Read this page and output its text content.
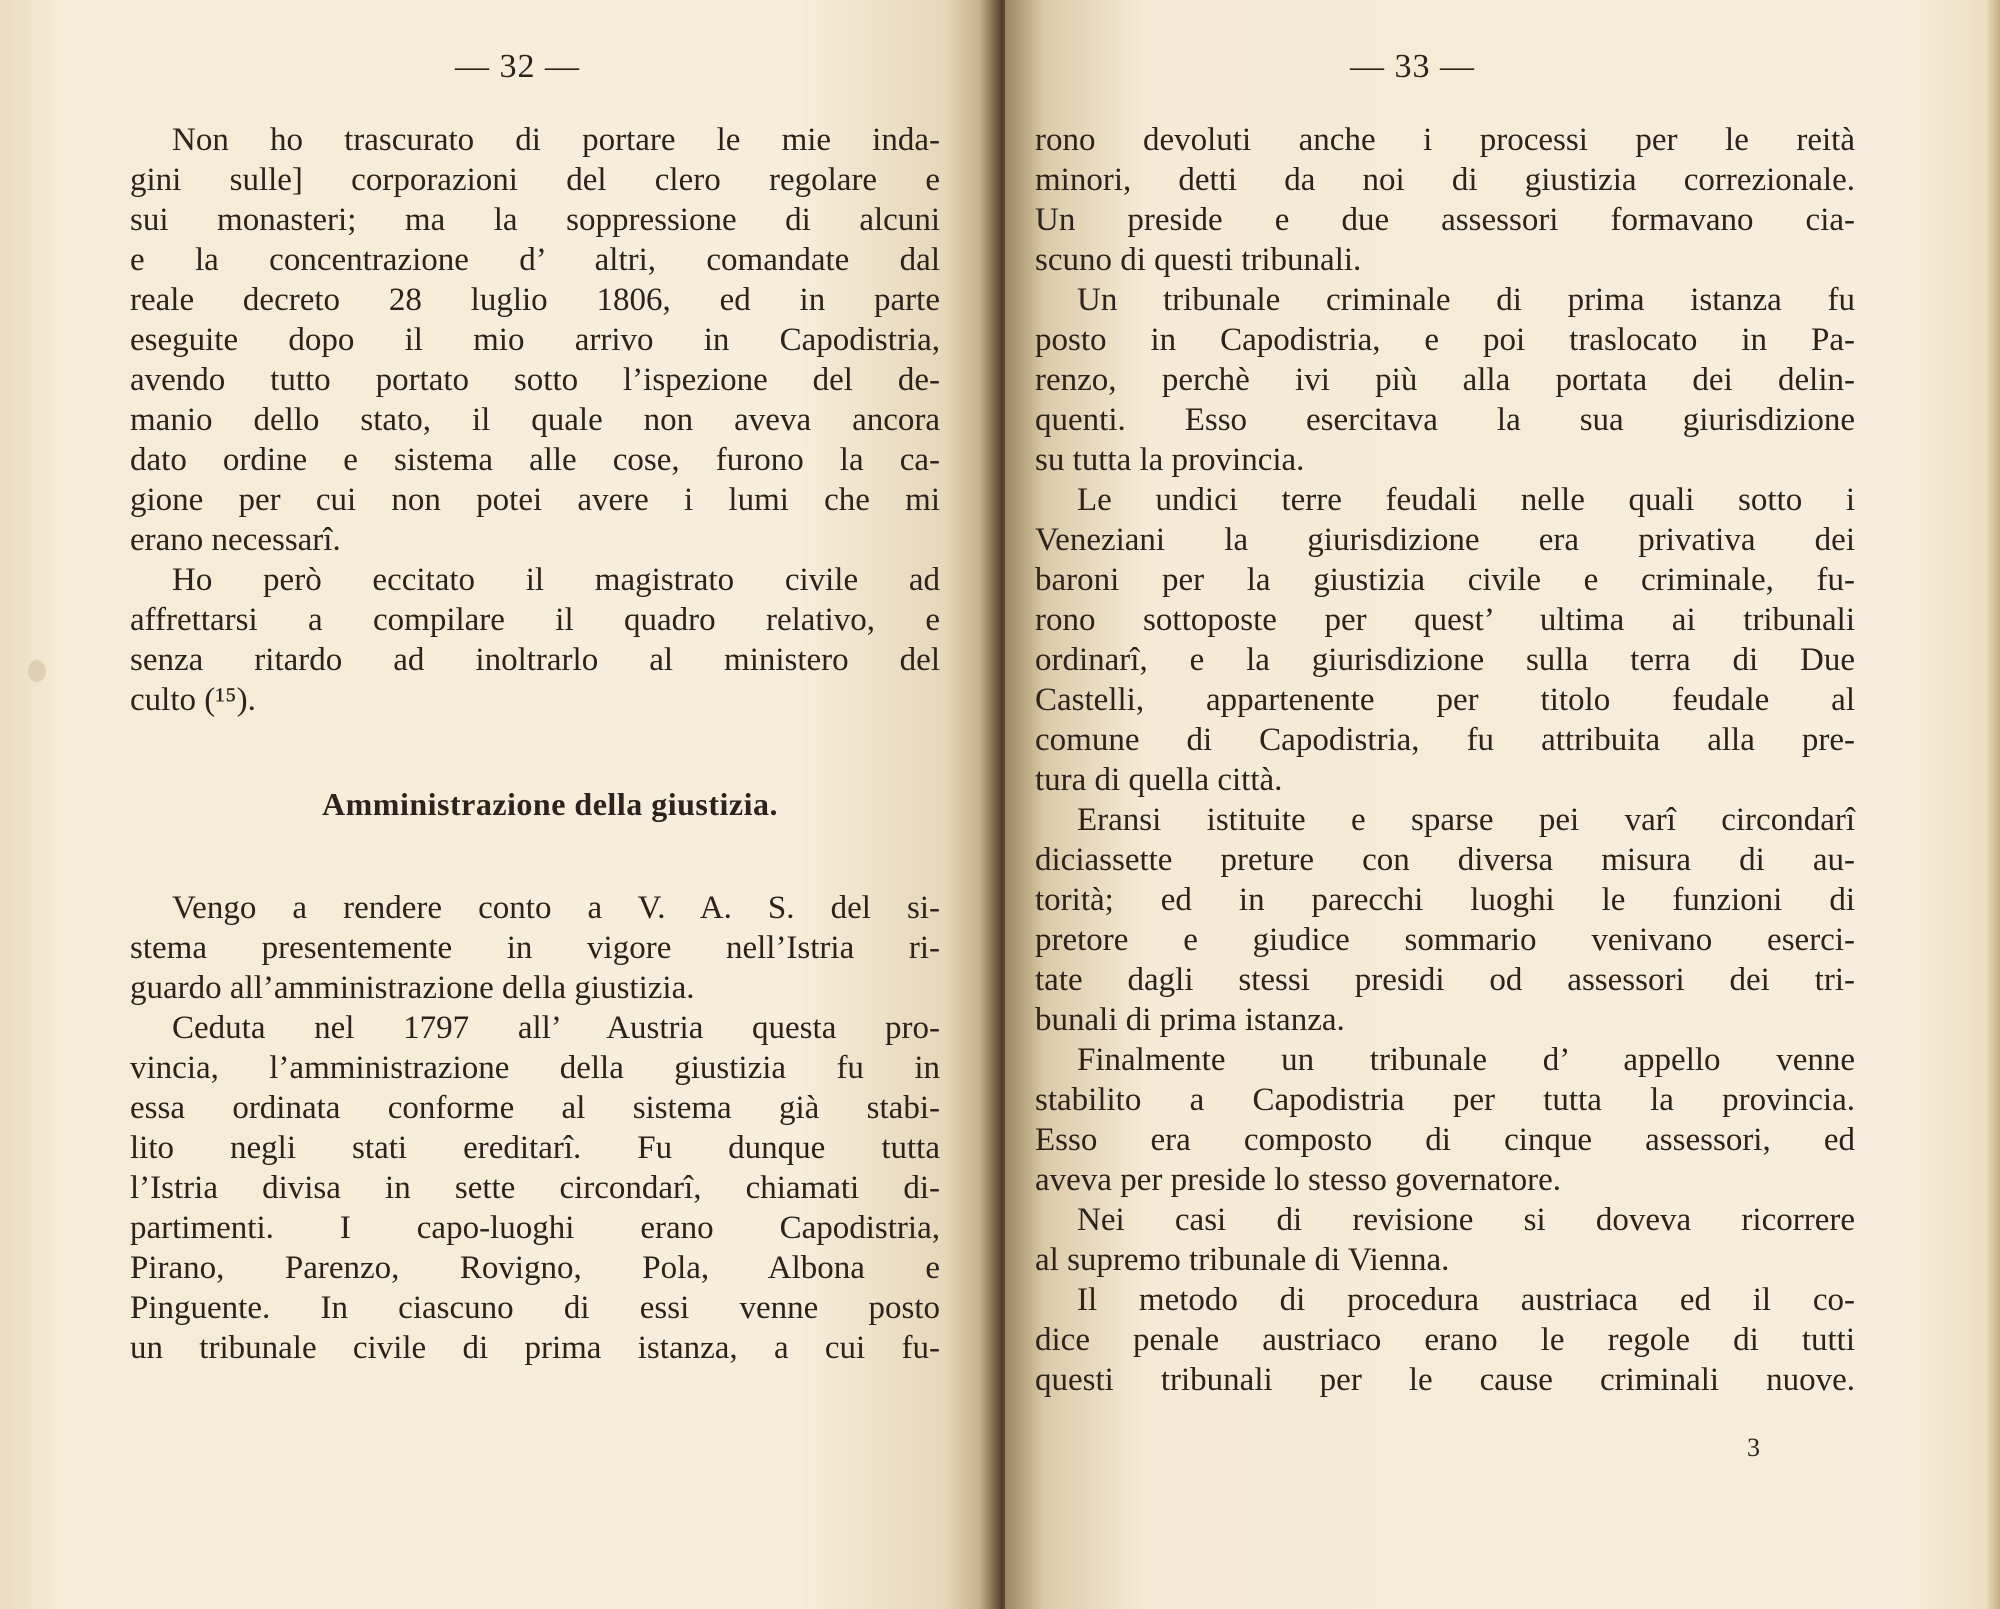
— 32 —
Non ho trascurato di portare le mie inda-
gini sulle] corporazioni del clero regolare e
sui monasteri; ma la soppressione di alcuni
e la concentrazione d’ altri, comandate dal
reale decreto 28 luglio 1806, ed in parte
eseguite dopo il mio arrivo in Capodistria,
avendo tutto portato sotto l’ispezione del de-
manio dello stato, il quale non aveva ancora
dato ordine e sistema alle cose, furono la ca-
gione per cui non potei avere i lumi che mi
erano necessarî.
Ho però eccitato il magistrato civile ad
affrettarsi a compilare il quadro relativo, e
senza ritardo ad inoltrarlo al ministero del
culto (¹⁵).
Amministrazione della giustizia.
Vengo a rendere conto a V. A. S. del si-
stema presentemente in vigore nell’Istria ri-
guardo all’amministrazione della giustizia.
Ceduta nel 1797 all’ Austria questa pro-
vincia, l’amministrazione della giustizia fu in
essa ordinata conforme al sistema già stabi-
lito negli stati ereditarî. Fu dunque tutta
l’Istria divisa in sette circondarî, chiamati di-
partimenti. I capo-luoghi erano Capodistria,
Pirano, Parenzo, Rovigno, Pola, Albona e
Pinguente. In ciascuno di essi venne posto
un tribunale civile di prima istanza, a cui fu-
— 33 —
rono devoluti anche i processi per le reità
minori, detti da noi di giustizia correzionale.
Un preside e due assessori formavano cia-
scuno di questi tribunali.
Un tribunale criminale di prima istanza fu
posto in Capodistria, e poi traslocato in Pa-
renzo, perchè ivi più alla portata dei delin-
quenti. Esso esercitava la sua giurisdizione
su tutta la provincia.
Le undici terre feudali nelle quali sotto i
Veneziani la giurisdizione era privativa dei
baroni per la giustizia civile e criminale, fu-
rono sottoposte per quest’ ultima ai tribunali
ordinarî, e la giurisdizione sulla terra di Due
Castelli, appartenente per titolo feudale al
comune di Capodistria, fu attribuita alla pre-
tura di quella città.
Eransi istituite e sparse pei varî circondarî
diciassette preture con diversa misura di au-
torità; ed in parecchi luoghi le funzioni di
pretore e giudice sommario venivano eserci-
tate dagli stessi presidi od assessori dei tri-
bunali di prima istanza.
Finalmente un tribunale d’ appello venne
stabilito a Capodistria per tutta la provincia.
Esso era composto di cinque assessori, ed
aveva per preside lo stesso governatore.
Nei casi di revisione si doveva ricorrere
al supremo tribunale di Vienna.
Il metodo di procedura austriaca ed il co-
dice penale austriaco erano le regole di tutti
questi tribunali per le cause criminali nuove.
3
